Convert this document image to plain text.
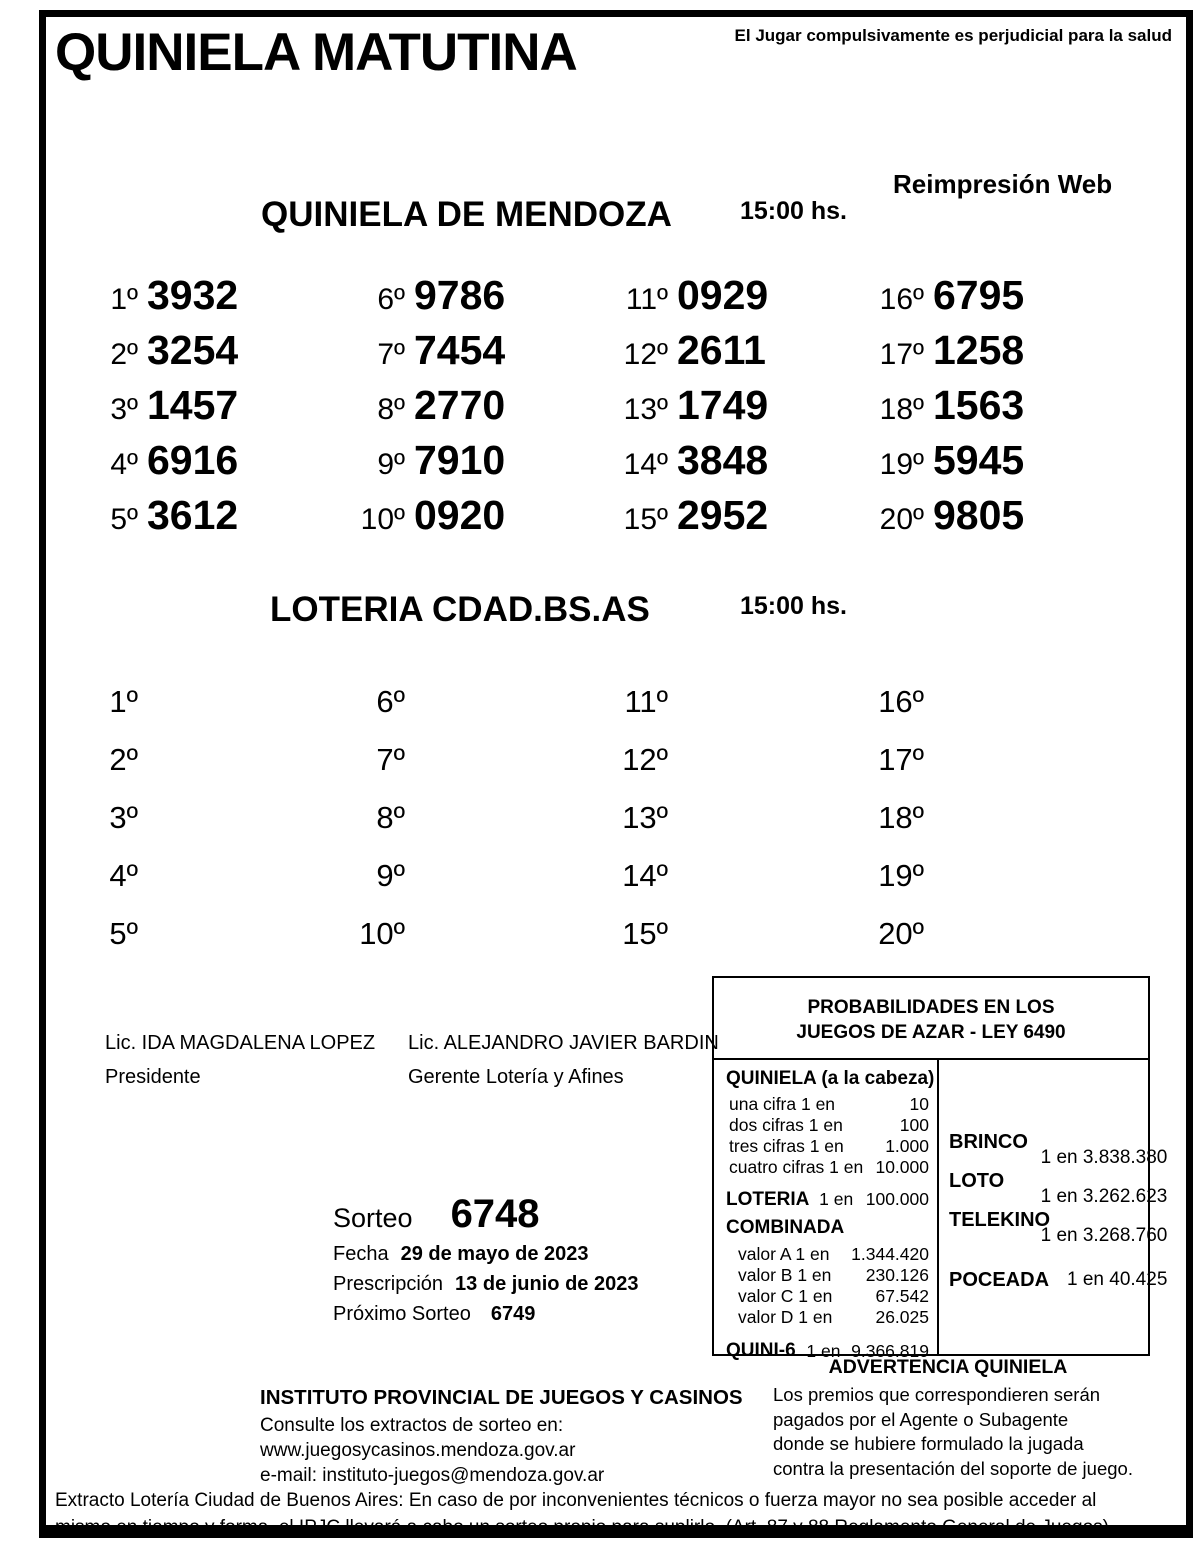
QUINIELA MATUTINA	El Jugar compulsivamente es perjudicial para la salud
QUINIELA DE MENDOZA	15:00 hs.
Reimpresión Web
1º 3932
2º 3254
3º 1457
4º 6916
5º 3612
6º 9786
7º 7454
8º 2770
9º 7910
10º 0920
11º 0929
12º 2611
13º 1749
14º 3848
15º 2952
16º 6795
17º 1258
18º 1563
19º 5945
20º 9805
LOTERIA CDAD.BS.AS	15:00 hs.
1º
2º
3º
4º
5º
6º
7º
8º
9º
10º
11º
12º
13º
14º
15º
16º
17º
18º
19º
20º
Lic. IDA MAGDALENA LOPEZ
Presidente
Lic. ALEJANDRO JAVIER BARDIN
Gerente Lotería y Afines
Sorteo 6748
Fecha 29 de mayo de 2023
Prescripción 13 de junio de 2023
Próximo Sorteo 6749
PROBABILIDADES EN LOS
JUEGOS DE AZAR - LEY 6490
QUINIELA (a la cabeza)
una cifra 1 en	10
dos cifras 1 en	100
tres cifras 1 en 1.000
cuatro cifras 1 en 10.000
LOTERIA 1 en 100.000
COMBINADA
valor A 1 en 1.344.420
valor B 1 en 230.126
valor C 1 en 67.542
valor D 1 en 26.025
QUINI-6 1 en 9.366.819
BRINCO
1 en 3.838.380
LOTO
1 en 3.262.623
TELEKINO
1 en 3.268.760
POCEADA 1 en 40.425
ADVERTENCIA QUINIELA
Los premios que correspondieren serán
pagados por el Agente o Subagente
donde se hubiere formulado la jugada
contra la presentación del soporte de juego.
INSTITUTO PROVINCIAL DE JUEGOS Y CASINOS
Consulte los extractos de sorteo en:
www.juegosycasinos.mendoza.gov.ar
e-mail: instituto-juegos@mendoza.gov.ar
Extracto Lotería Ciudad de Buenos Aires: En caso de por inconvenientes técnicos o fuerza mayor no sea posible acceder al mismo en tiempo y forma, el IPJC llevará a cabo un sorteo propio para suplirlo. (Art. 87 y 88 Reglamento General de Juegos)
